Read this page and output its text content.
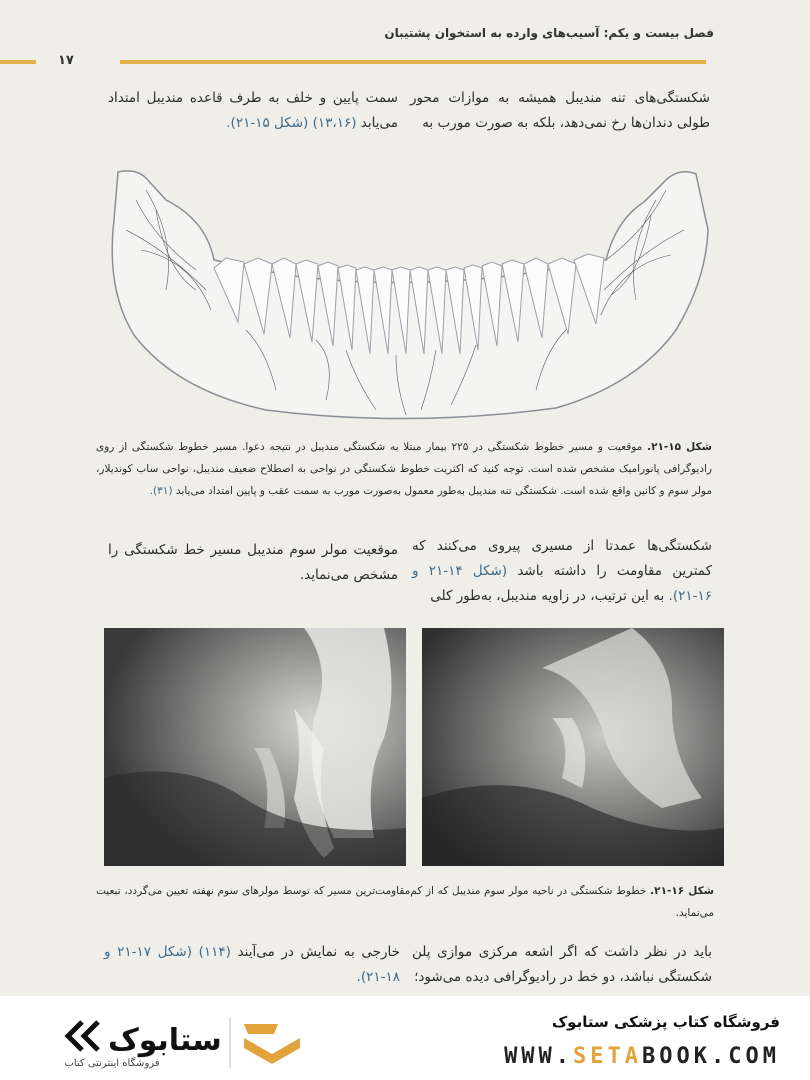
فصل بیست و یکم: آسیب‌های وارده به استخوان پشتیبان
۱۷
شکستگی‌های تنه مندیبل همیشه به موازات محور طولی دندان‌ها رخ نمی‌دهد، بلکه به صورت مورب به
سمت پایین و خلف به طرف قاعده مندیبل امتداد می‌یابد (۱۳،۱۶) (شکل ۱۵-۲۱).
شکل ۱۵-۲۱. موقعیت و مسیر خطوط شکستگی در ۲۲۵ بیمار مبتلا به شکستگی مندیبل در نتیجه دعوا. مسیر خطوط شکستگی از روی رادیوگرافی پانورامیک مشخص شده است. توجه کنید که اکثریت خطوط شکستگی در نواحی به اصطلاح ضعیف مندیبل، نواحی ساب کوندیلار، مولر سوم و کانین واقع شده است. شکستگی تنه مندیبل به‌طور معمول به‌صورت مورب به سمت عقب و پایین امتداد می‌یابد (۳۱).
شکستگی‌ها عمدتا از مسیری پیروی می‌کنند که کمترین مقاومت را داشته باشد (شکل ۱۴-۲۱ و ۱۶-۲۱). به این ترتیب، در زاویه مندیبل، به‌طور کلی
موقعیت مولر سوم مندیبل مسیر خط شکستگی را مشخص می‌نماید.
شکل ۱۶-۲۱. خطوط شکستگی در ناحیه مولر سوم مندیبل که از کم‌مقاومت‌ترین مسیر که توسط مولرهای سوم نهفته تعیین می‌گردد، تبعیت می‌نماید.
باید در نظر داشت که اگر اشعه مرکزی موازی پلن شکستگی نباشد، دو خط در رادیوگرافی دیده می‌شود؛
خارجی به نمایش در می‌آیند (۱۱۴) (شکل ۱۷-۲۱ و ۱۸-۲۱).
ستابوک
فروشگاه اینترنتی کتاب
فروشگاه کتاب پزشکی ستابوک
WWW.SETABOOK.COM
